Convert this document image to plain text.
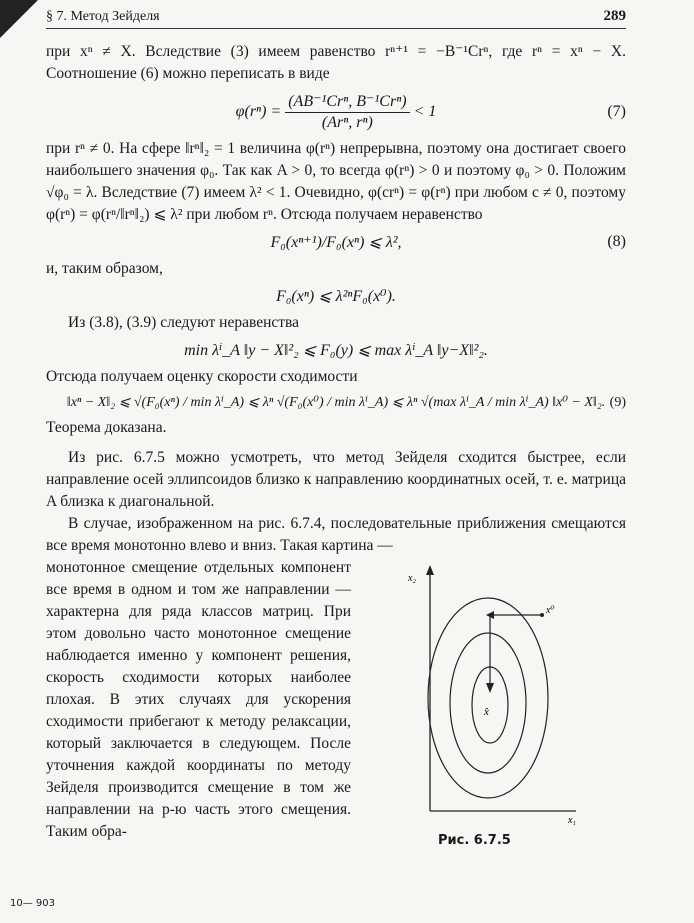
§ 7. Метод Зейделя	289

при xⁿ ≠ X. Вследствие (3) имеем равенство rⁿ⁺¹ = −B⁻¹Crⁿ, где rⁿ = xⁿ − X. Соотношение (6) можно переписать в виде

$\varphi(r^n) = \frac{\text{(AB⁻¹Crⁿ, B⁻¹Crⁿ)}}{\text{(Arⁿ, rⁿ)}} < 1$	(7)

при rⁿ ≠ 0. На сфере ‖rⁿ‖₂ = 1 величина φ(rⁿ) непрерывна, поэтому она достигает своего наибольшего значения φ₀. Так как A > 0, то всегда φ(rⁿ) > 0 и поэтому φ₀ > 0. Положим √φ₀ = λ. Вследствие (7) имеем λ² < 1. Очевидно, φ(crⁿ) = φ(rⁿ) при любом c ≠ 0, поэтому φ(rⁿ) = φ(rⁿ/‖rⁿ‖₂) ⩽ λ² при любом rⁿ. Отсюда получаем неравенство

F₀(xⁿ⁺¹)/F₀(xⁿ) ⩽ λ²,	(8)

и, таким образом,

F₀(xⁿ) ⩽ λ²ⁿF₀(x⁰).

Из (3.8), (3.9) следуют неравенства

min λⁱ_A ‖y − X‖²₂ ⩽ F₀(y) ⩽ max λⁱ_A ‖y−X‖²₂.

Отсюда получаем оценку скорости сходимости

‖xⁿ − X‖₂ ⩽ √(F₀(xⁿ) / min λⁱ_A) ⩽ λⁿ √(F₀(x⁰) / min λⁱ_A) ⩽ λⁿ √(max λⁱ_A / min λⁱ_A) ‖x⁰ − X‖₂. (9)

Теорема доказана.

Из рис. 6.7.5 можно усмотреть, что метод Зейделя сходится быстрее, если направление осей эллипсоидов близко к направлению координатных осей, т. е. матрица A близка к диагональной.

В случае, изображенном на рис. 6.7.4, последовательные приближения смещаются все время монотонно влево и вниз. Такая картина —

монотонное смещение отдельных компонент все время в одном и том же направлении — характерна для ряда классов матриц. При этом довольно часто монотонное смещение наблюдается именно у компонент решения, скорость сходимости которых наиболее плохая. В этих случаях для ускорения сходимости прибегают к методу релаксации, который заключается в следующем. После уточнения каждой координаты по методу Зейделя производится смещение в том же направлении на p-ю часть этого смещения. Таким обра-

x₂
x₁
x⁰
x̂
Рис. 6.7.5
10— 903
